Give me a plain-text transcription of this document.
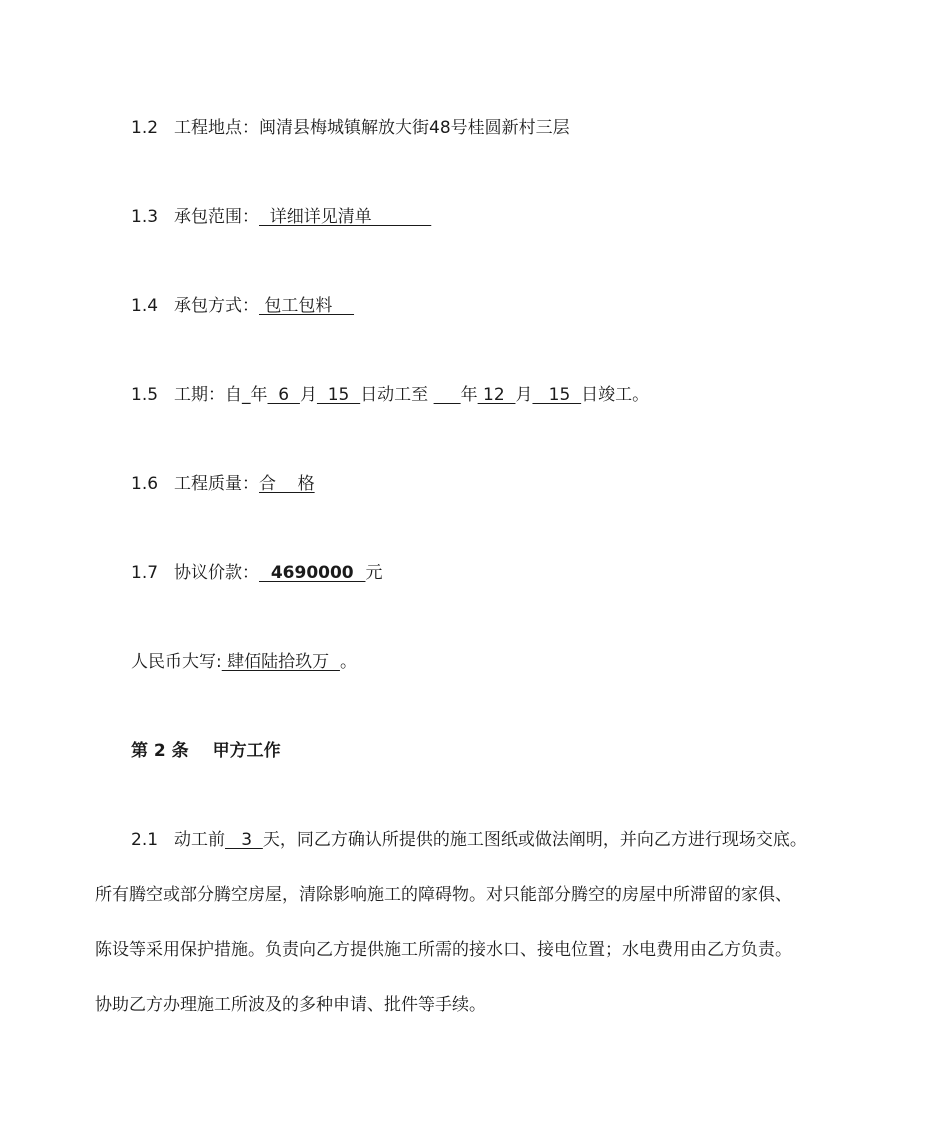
1.2 工程地点：闽清县梅城镇解放大街48号桂圆新村三层
1.3 承包范围：  详细详见清单
1.4 承包方式： 包工包料
1.5 工期：自_年  6  月  15  日动工至      年 12  月   15  日竣工。
1.6 工程质量：合    格
1.7 协议价款：  4690000  元
人民币大写: 肆佰陆拾玖万  。
第 2 条 甲方工作
2.1 动工前   3  天，同乙方确认所提供的施工图纸或做法阐明，并向乙方进行现场交底。
所有腾空或部分腾空房屋，清除影响施工的障碍物。对只能部分腾空的房屋中所滞留的家俱、
陈设等采用保护措施。负责向乙方提供施工所需的接水口、接电位置；水电费用由乙方负责。
协助乙方办理施工所波及的多种申请、批件等手续。
